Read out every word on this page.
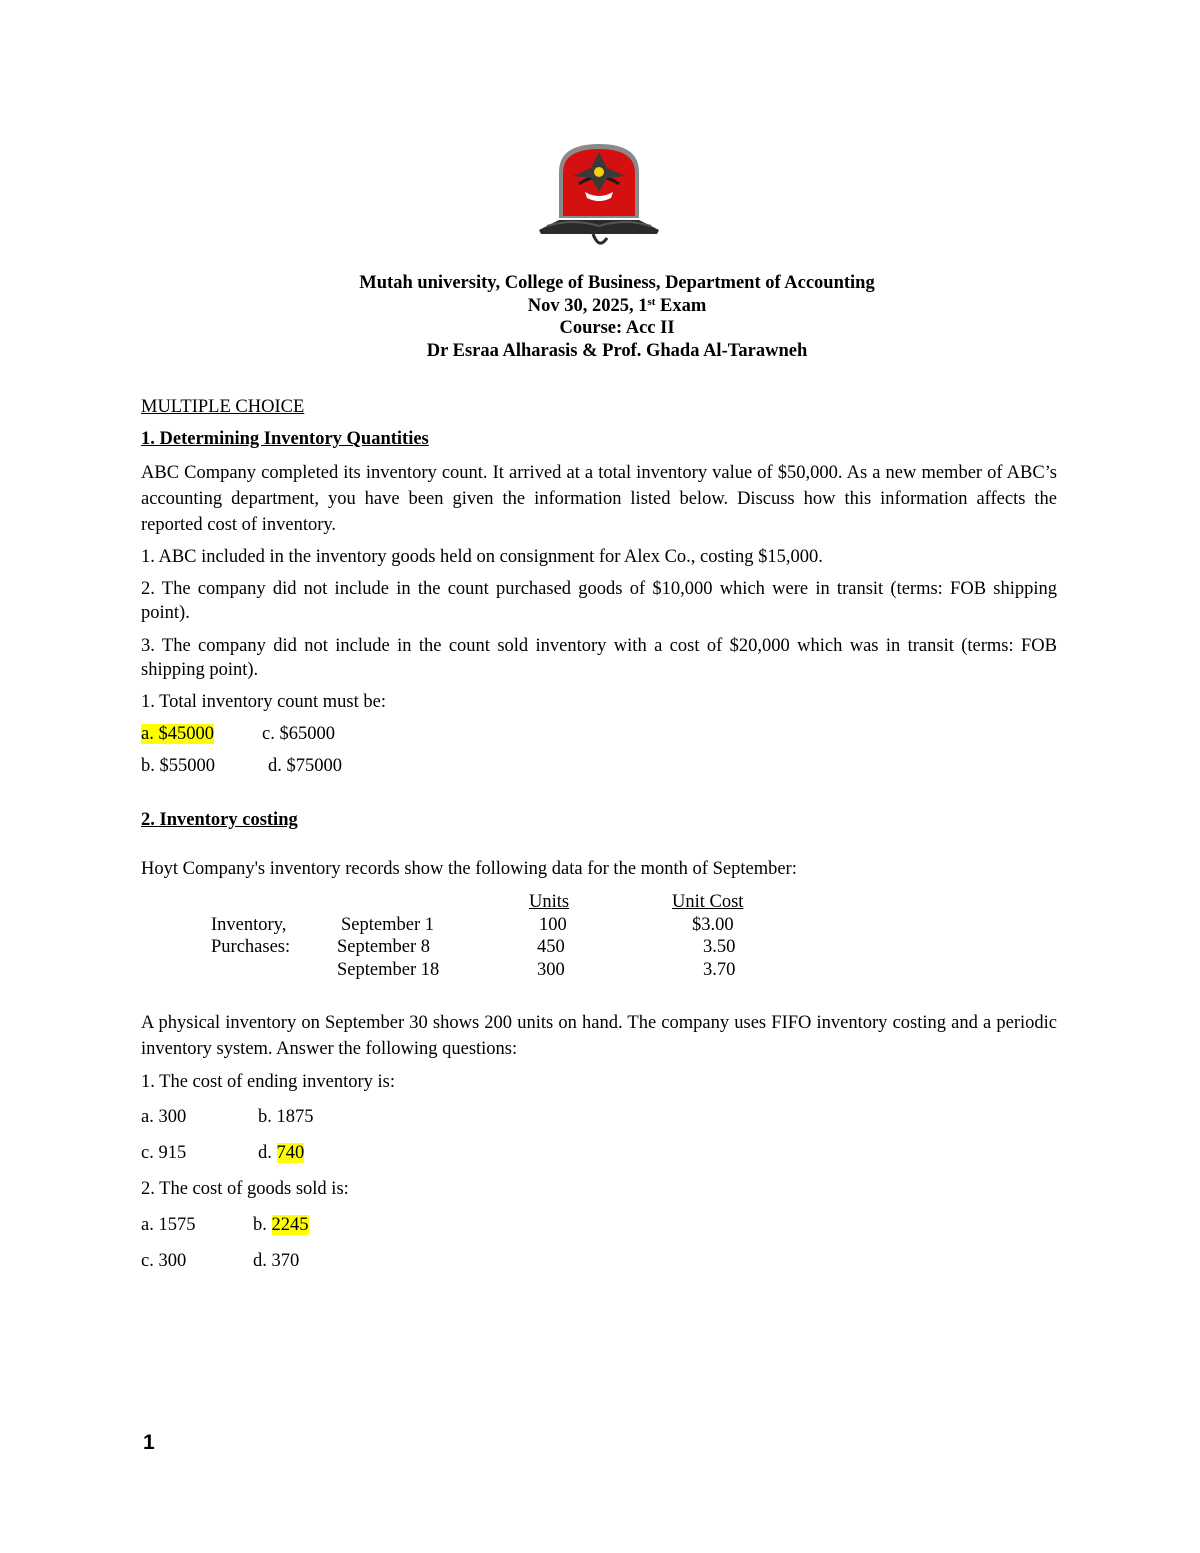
Mutah university, College of Business, Department of Accounting
Nov 30, 2025, 1st Exam
Course: Acc II
Dr Esraa Alharasis & Prof. Ghada Al-Tarawneh
MULTIPLE CHOICE
1. Determining Inventory Quantities
ABC Company completed its inventory count. It arrived at a total inventory value of $50,000. As a new member of ABC’s accounting department, you have been given the information listed below. Discuss how this information affects the reported cost of inventory.
1. ABC included in the inventory goods held on consignment for Alex Co., costing $15,000.
2. The company did not include in the count purchased goods of $10,000 which were in transit (terms: FOB shipping point).
3. The company did not include in the count sold inventory with a cost of $20,000 which was in transit (terms: FOB shipping point).
1. Total inventory count must be:
a. $45000	c. $65000
b. $55000	d. $75000
2. Inventory costing
Hoyt Company's inventory records show the following data for the month of September:
		Units	Unit Cost
Inventory,	September 1	100	$3.00
Purchases:	September 8	450	3.50
	September 18	300	3.70
A physical inventory on September 30 shows 200 units on hand. The company uses FIFO inventory costing and a periodic inventory system. Answer the following questions:
1. The cost of ending inventory is:
a. 300	b. 1875
c. 915	d. 740
2. The cost of goods sold is:
a. 1575	b. 2245
c. 300	d. 370
1
